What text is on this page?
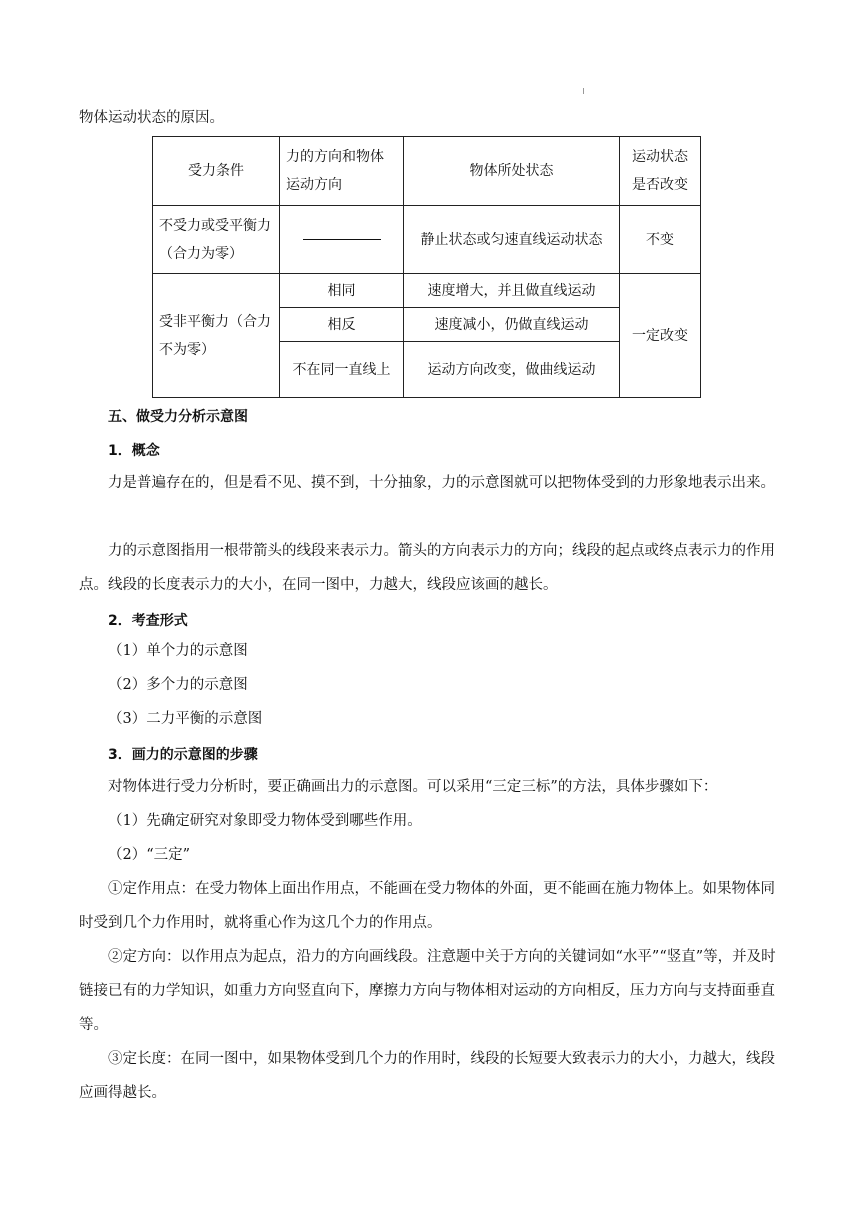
物体运动状态的原因。

受力条件	力的方向和物体运动方向	物体所处状态	运动状态是否改变
不受力或受平衡力（合力为零）		静止状态或匀速直线运动状态	不变
受非平衡力（合力不为零）	相同	速度增大，并且做直线运动	一定改变
	相反	速度减小，仍做直线运动	
	不在同一直线上	运动方向改变，做曲线运动	
五、做受力分析示意图
1．概念

力是普遍存在的，但是看不见、摸不到，十分抽象，力的示意图就可以把物体受到的力形象地表示出来。

力的示意图指用一根带箭头的线段来表示力。箭头的方向表示力的方向；线段的起点或终点表示力的作用点。线段的长度表示力的大小，在同一图中，力越大，线段应该画的越长。

2．考查形式

（1）单个力的示意图

（2）多个力的示意图

（3）二力平衡的示意图

3．画力的示意图的步骤

对物体进行受力分析时，要正确画出力的示意图。可以采用“三定三标”的方法，具体步骤如下：

（1）先确定研究对象即受力物体受到哪些作用。

（2）“三定”

①定作用点：在受力物体上面出作用点，不能画在受力物体的外面，更不能画在施力物体上。如果物体同时受到几个力作用时，就将重心作为这几个力的作用点。

②定方向：以作用点为起点，沿力的方向画线段。注意题中关于方向的关键词如“水平”“竖直”等，并及时链接已有的力学知识，如重力方向竖直向下，摩擦力方向与物体相对运动的方向相反，压力方向与支持面垂直等。

③定长度：在同一图中，如果物体受到几个力的作用时，线段的长短要大致表示力的大小，力越大，线段应画得越长。
